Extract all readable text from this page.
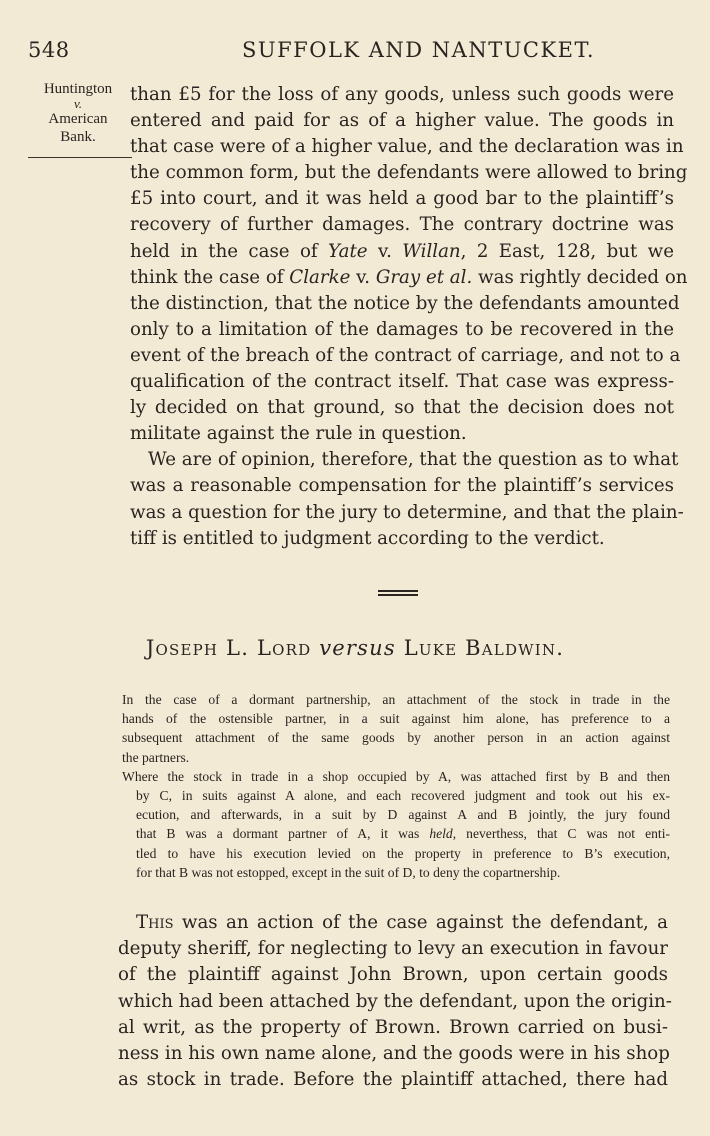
548	SUFFOLK AND NANTUCKET.
Huntington
v.
American
Bank.
than £5 for the loss of any goods, unless such goods were
entered and paid for as of a higher value. The goods in
that case were of a higher value, and the declaration was in
the common form, but the defendants were allowed to bring
£5 into court, and it was held a good bar to the plaintiff’s
recovery of further damages. The contrary doctrine was
held in the case of Yate v. Willan, 2 East, 128, but we
think the case of Clarke v. Gray et al. was rightly decided on
the distinction, that the notice by the defendants amounted
only to a limitation of the damages to be recovered in the
event of the breach of the contract of carriage, and not to a
qualification of the contract itself. That case was express-
ly decided on that ground, so that the decision does not
militate against the rule in question.
We are of opinion, therefore, that the question as to what
was a reasonable compensation for the plaintiff’s services
was a question for the jury to determine, and that the plain-
tiff is entitled to judgment according to the verdict.
Joseph L. Lord versus Luke Baldwin.
In the case of a dormant partnership, an attachment of the stock in trade in the
hands of the ostensible partner, in a suit against him alone, has preference to a
subsequent attachment of the same goods by another person in an action against
the partners.
Where the stock in trade in a shop occupied by A, was attached first by B and then
by C, in suits against A alone, and each recovered judgment and took out his ex-
ecution, and afterwards, in a suit by D against A and B jointly, the jury found
that B was a dormant partner of A, it was held, neverthess, that C was not enti-
tled to have his execution levied on the property in preference to B’s execution,
for that B was not estopped, except in the suit of D, to deny the copartnership.
This was an action of the case against the defendant, a
deputy sheriff, for neglecting to levy an execution in favour
of the plaintiff against John Brown, upon certain goods
which had been attached by the defendant, upon the origin-
al writ, as the property of Brown. Brown carried on busi-
ness in his own name alone, and the goods were in his shop
as stock in trade. Before the plaintiff attached, there had
